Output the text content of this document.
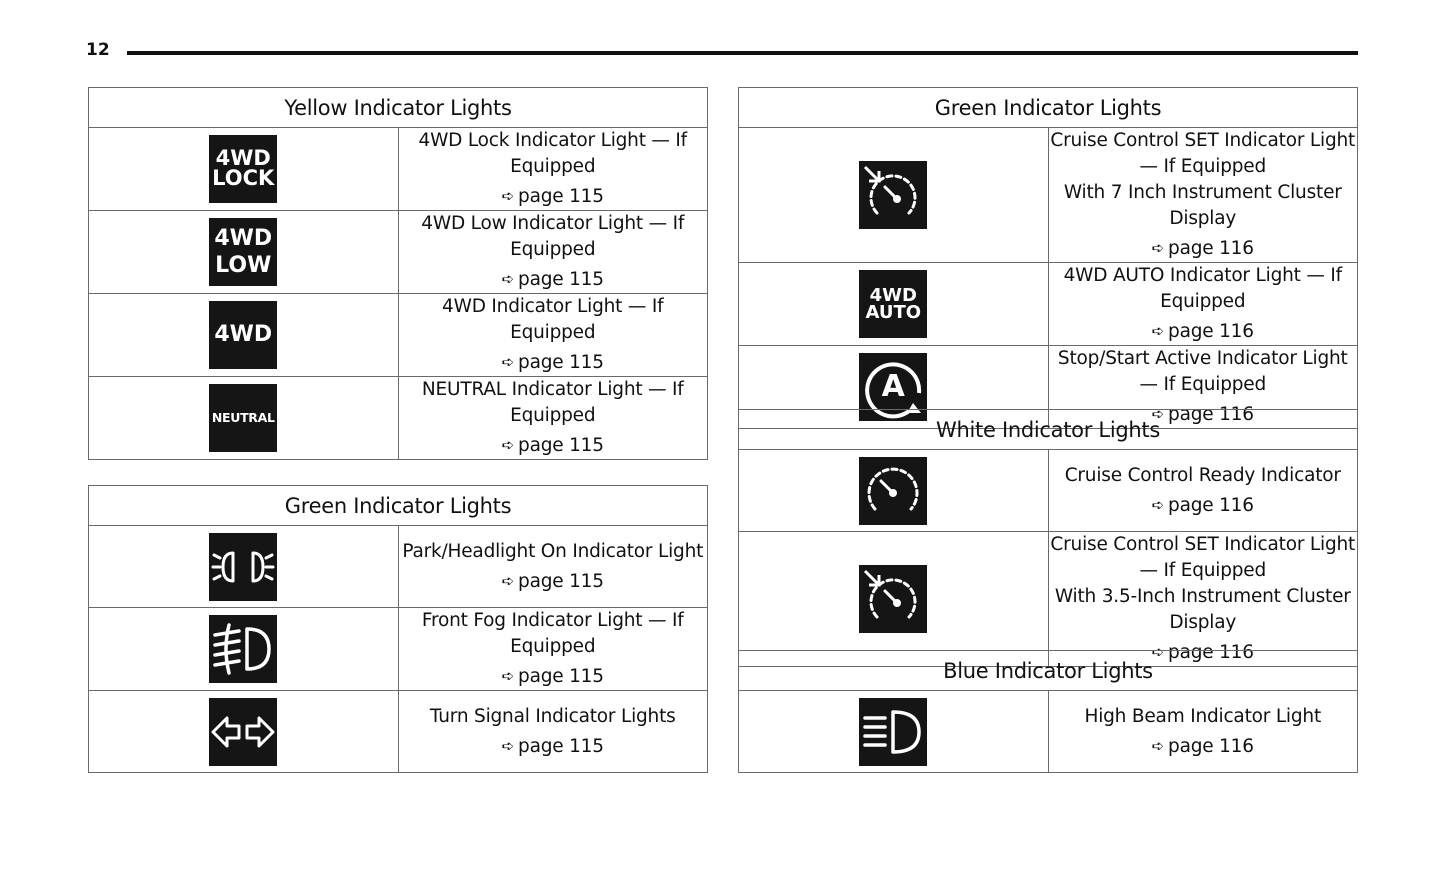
12
Yellow Indicator Lights	

4WD
LOCK	4WD Lock Indicator Light — If Equipped
➪ page 115

4WD
LOW	4WD Low Indicator Light — If Equipped
➪ page 115

4WD	4WD Indicator Light — If Equipped
➪ page 115

NEUTRAL	NEUTRAL Indicator Light — If Equipped
➪ page 115
Green Indicator Lights	

Park/Headlight On Indicator Light
➪ page 115

Front Fog Indicator Light — If Equipped
➪ page 115

Turn Signal Indicator Lights
➪ page 115
Green Indicator Lights	

Cruise Control SET Indicator Light — If Equipped
With 7 Inch Instrument Cluster Display
➪ page 116

4WD
AUTO	4WD AUTO Indicator Light — If Equipped
➪ page 116

A	Stop/Start Active Indicator Light — If Equipped
➪ page 116
White Indicator Lights	

Cruise Control Ready Indicator
➪ page 116

Cruise Control SET Indicator Light — If Equipped
With 3.5-Inch Instrument Cluster Display
➪ page 116
Blue Indicator Lights

High Beam Indicator Light
➪ page 116
